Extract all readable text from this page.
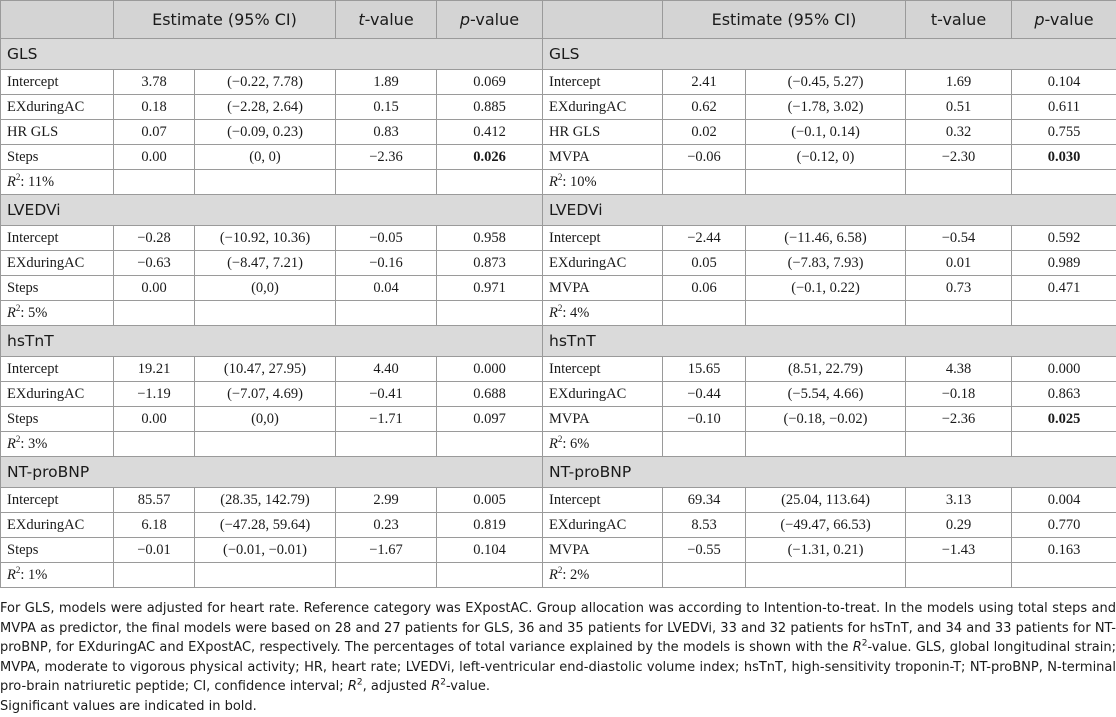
	Estimate (95% CI)		t-value	p-value		Estimate (95% CI)		t-value	p-value
GLS					GLS				
Intercept	3.78	(−0.22, 7.78)	1.89	0.069	Intercept	2.41	(−0.45, 5.27)	1.69	0.104
EXduringAC	0.18	(−2.28, 2.64)	0.15	0.885	EXduringAC	0.62	(−1.78, 3.02)	0.51	0.611
HR GLS	0.07	(−0.09, 0.23)	0.83	0.412	HR GLS	0.02	(−0.1, 0.14)	0.32	0.755
Steps	0.00	(0, 0)	−2.36	0.026	MVPA	−0.06	(−0.12, 0)	−2.30	0.030
$R^2$: 11%					$R^2$: 10%				
LVEDVi					LVEDVi				
Intercept	−0.28	(−10.92, 10.36)	−0.05	0.958	Intercept	−2.44	(−11.46, 6.58)	−0.54	0.592
EXduringAC	−0.63	(−8.47, 7.21)	−0.16	0.873	EXduringAC	0.05	(−7.83, 7.93)	0.01	0.989
Steps	0.00	(0,0)	0.04	0.971	MVPA	0.06	(−0.1, 0.22)	0.73	0.471
$R^2$: 5%					$R^2$: 4%				
hsTnT					hsTnT				
Intercept	19.21	(10.47, 27.95)	4.40	0.000	Intercept	15.65	(8.51, 22.79)	4.38	0.000
EXduringAC	−1.19	(−7.07, 4.69)	−0.41	0.688	EXduringAC	−0.44	(−5.54, 4.66)	−0.18	0.863
Steps	0.00	(0,0)	−1.71	0.097	MVPA	−0.10	(−0.18, −0.02)	−2.36	0.025
$R^2$: 3%					$R^2$: 6%				
NT-proBNP					NT-proBNP				
Intercept	85.57	(28.35, 142.79)	2.99	0.005	Intercept	69.34	(25.04, 113.64)	3.13	0.004
EXduringAC	6.18	(−47.28, 59.64)	0.23	0.819	EXduringAC	8.53	(−49.47, 66.53)	0.29	0.770
Steps	−0.01	(−0.01, −0.01)	−1.67	0.104	MVPA	−0.55	(−1.31, 0.21)	−1.43	0.163
$R^2$: 1%					$R^2$: 2%				

For GLS, models were adjusted for heart rate. Reference category was EXpostAC. Group allocation was according to Intention-to-treat. In the models using total steps and MVPA as predictor, the final models were based on 28 and 27 patients for GLS, 36 and 35 patients for LVEDVi, 33 and 32 patients for hsTnT, and 34 and 33 patients for NT-proBNP, for EXduringAC and EXpostAC, respectively. The percentages of total variance explained by the models is shown with the $R^2$-value. GLS, global longitudinal strain; MVPA, moderate to vigorous physical activity; HR, heart rate; LVEDVi, left-ventricular end-diastolic volume index; hsTnT, high-sensitivity troponin-T; NT-proBNP, N-terminal pro-brain natriuretic peptide; CI, confidence interval; $R^2$, adjusted $R^2$-value.

Significant values are indicated in bold.
